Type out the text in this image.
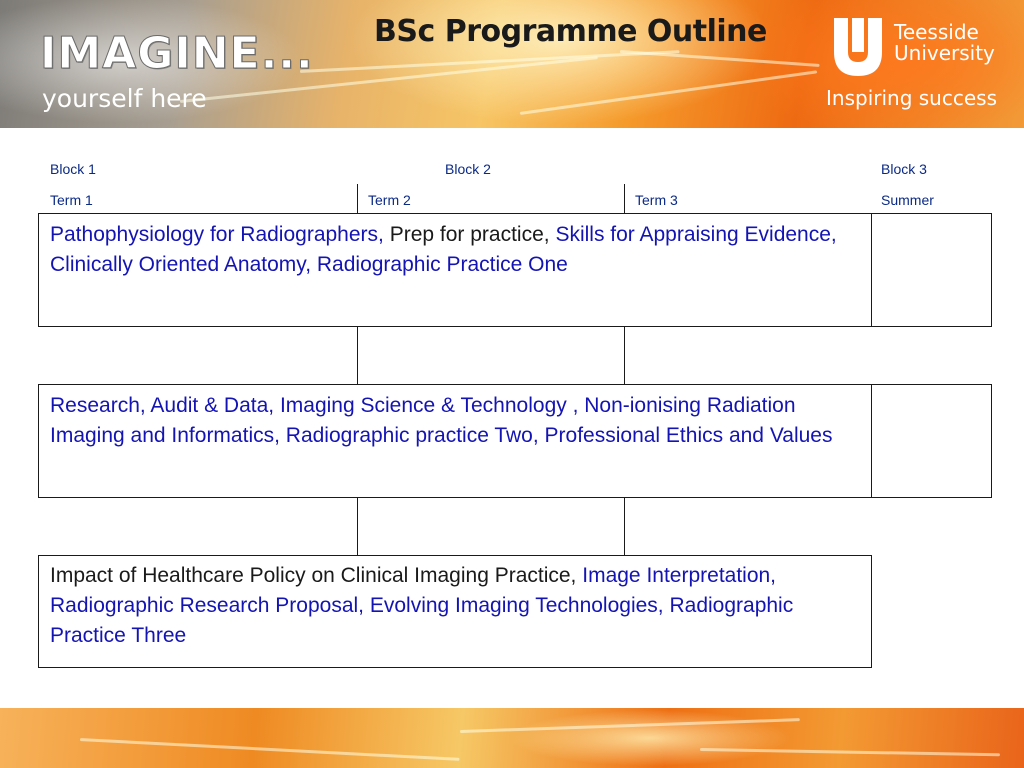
IMAGINE...
yourself here
BSc Programme Outline	Teesside
University
Inspiring success
Block 1	Block 2	Block 3
Term 1	Term 2	Term 3	Summer
Pathophysiology for Radiographers, Prep for practice, Skills for Appraising Evidence, Clinically Oriented Anatomy, Radiographic Practice One
Research, Audit & Data, Imaging Science & Technology , Non-ionising Radiation Imaging and Informatics, Radiographic practice Two, Professional Ethics and Values
Impact of Healthcare Policy on Clinical Imaging Practice, Image Interpretation, Radiographic Research Proposal, Evolving Imaging Technologies, Radiographic Practice Three
